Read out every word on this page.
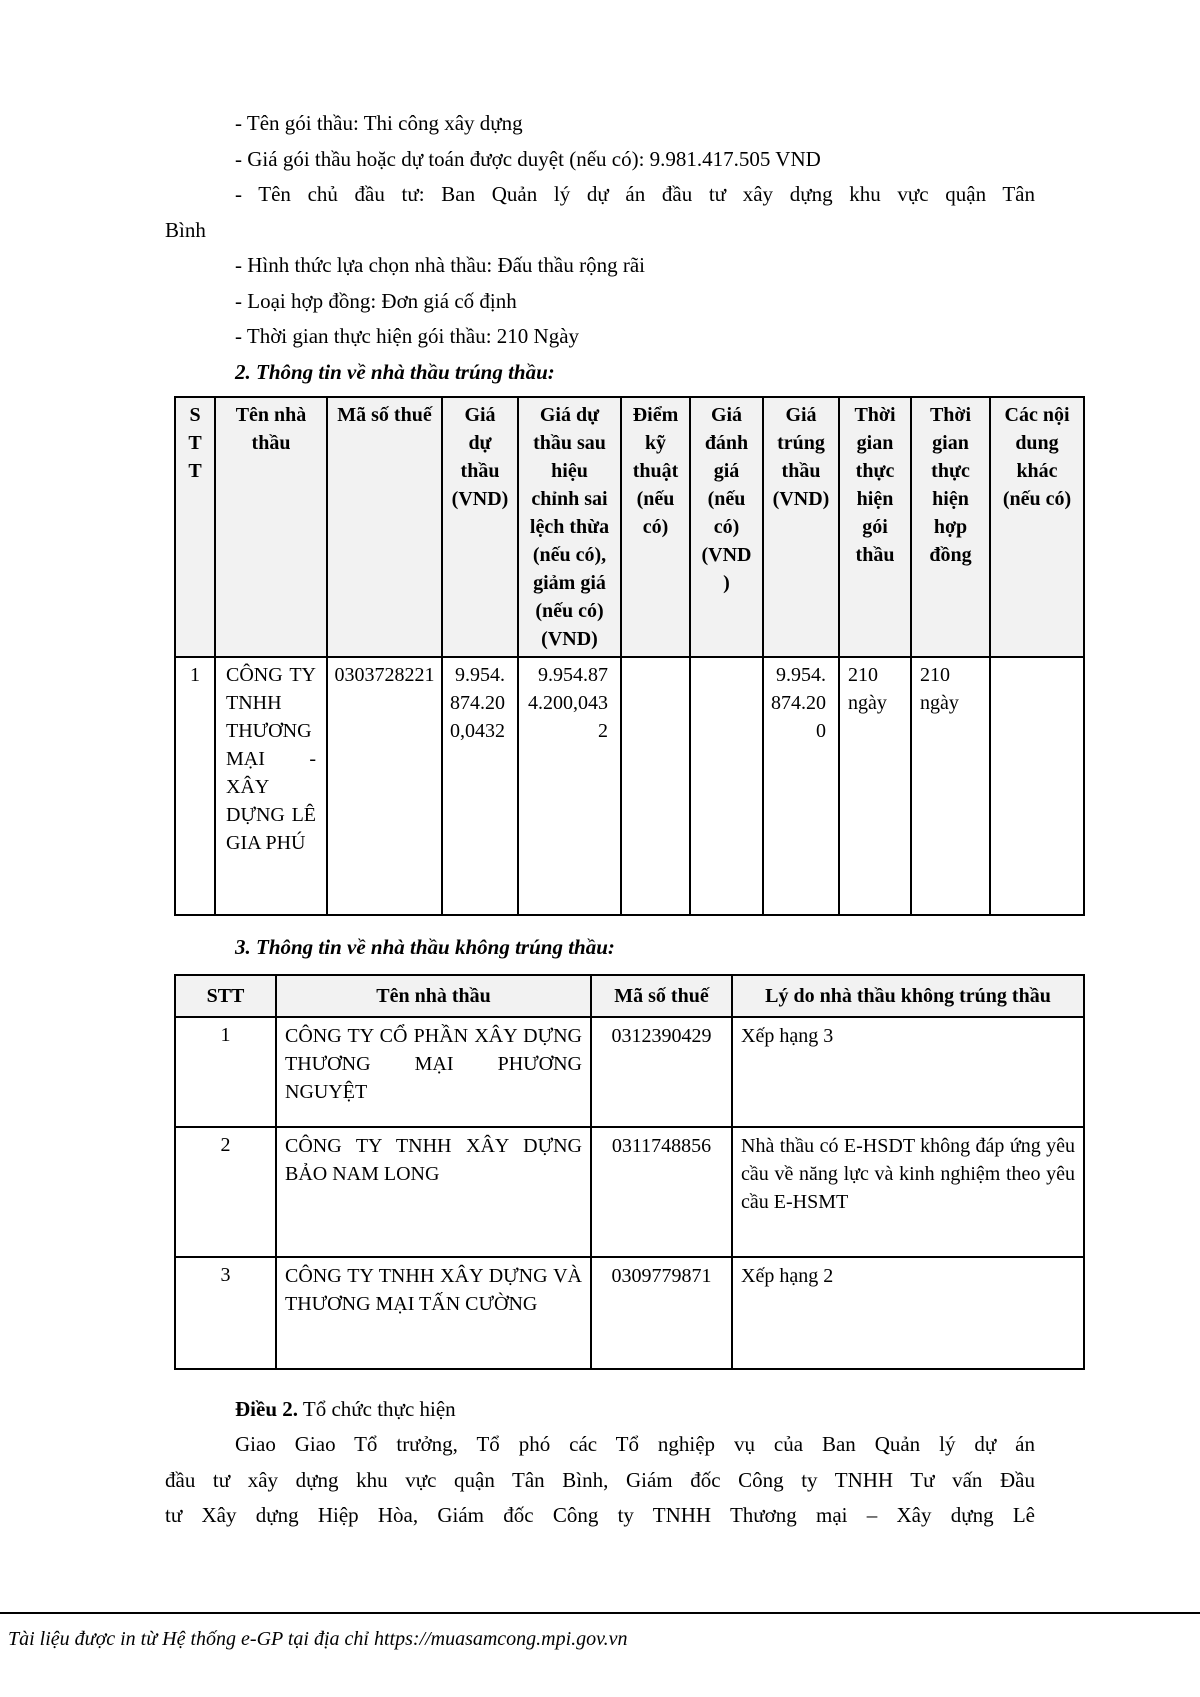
- Tên gói thầu: Thi công xây dựng
- Giá gói thầu hoặc dự toán được duyệt (nếu có): 9.981.417.505 VND
- Tên chủ đầu tư: Ban Quản lý dự án đầu tư xây dựng khu vực quận Tân
Bình
- Hình thức lựa chọn nhà thầu: Đấu thầu rộng rãi
- Loại hợp đồng: Đơn giá cố định
- Thời gian thực hiện gói thầu: 210 Ngày
2. Thông tin về nhà thầu trúng thầu:
STT	Tên nhà thầu	Mã số thuế	Giá dự thầu (VND)	Giá dự thầu sau hiệu chỉnh sai lệch thừa (nếu có), giảm giá (nếu có) (VND)	Điểm kỹ thuật (nếu có)	Giá đánh giá (nếu có) (VND)	Giá trúng thầu (VND)	Thời gian thực hiện gói thầu	Thời gian thực hiện hợp đồng	Các nội dung khác (nếu có)
1	CÔNG TY TNHH THƯƠNG MẠI - XÂY DỰNG LÊ GIA PHÚ	0303728221	9.954.874.200,0432	9.954.874.200,0432			9.954.874.200	210 ngày	210 ngày	
3. Thông tin về nhà thầu không trúng thầu:
STT	Tên nhà thầu	Mã số thuế	Lý do nhà thầu không trúng thầu
1	CÔNG TY CỔ PHẦN XÂY DỰNG THƯƠNG MẠI PHƯƠNG NGUYỆT	0312390429	Xếp hạng 3
2	CÔNG TY TNHH XÂY DỰNG BẢO NAM LONG	0311748856	Nhà thầu có E-HSDT không đáp ứng yêu cầu về năng lực và kinh nghiệm theo yêu cầu E-HSMT
3	CÔNG TY TNHH XÂY DỰNG VÀ THƯƠNG MẠI TẤN CƯỜNG	0309779871	Xếp hạng 2
Điều 2. Tổ chức thực hiện
Giao Giao Tổ trưởng, Tổ phó các Tổ nghiệp vụ của Ban Quản lý dự án
đầu tư xây dựng khu vực quận Tân Bình, Giám đốc Công ty TNHH Tư vấn Đầu
tư Xây dựng Hiệp Hòa, Giám đốc Công ty TNHH Thương mại – Xây dựng Lê
Tài liệu được in từ Hệ thống e-GP tại địa chỉ https://muasamcong.mpi.gov.vn
